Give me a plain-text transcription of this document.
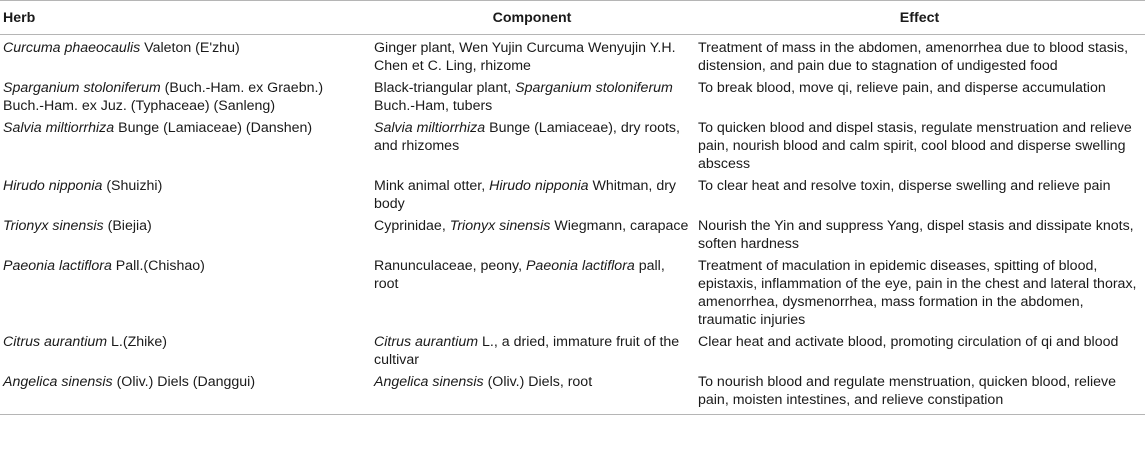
Herb	Component	Effect
Curcuma phaeocaulis Valeton (E'zhu)	Ginger plant, Wen Yujin Curcuma Wenyujin Y.H. Chen et C. Ling, rhizome	Treatment of mass in the abdomen, amenorrhea due to blood stasis, distension, and pain due to stagnation of undigested food
Sparganium stoloniferum (Buch.-Ham. ex Graebn.) Buch.-Ham. ex Juz. (Typhaceae) (Sanleng)	Black-triangular plant, Sparganium stoloniferum Buch.-Ham, tubers	To break blood, move qi, relieve pain, and disperse accumulation
Salvia miltiorrhiza Bunge (Lamiaceae) (Danshen)	Salvia miltiorrhiza Bunge (Lamiaceae), dry roots, and rhizomes	To quicken blood and dispel stasis, regulate menstruation and relieve pain, nourish blood and calm spirit, cool blood and disperse swelling abscess
Hirudo nipponia (Shuizhi)	Mink animal otter, Hirudo nipponia Whitman, dry body	To clear heat and resolve toxin, disperse swelling and relieve pain
Trionyx sinensis (Biejia)	Cyprinidae, Trionyx sinensis Wiegmann, carapace	Nourish the Yin and suppress Yang, dispel stasis and dissipate knots, soften hardness
Paeonia lactiflora Pall.(Chishao)	Ranunculaceae, peony, Paeonia lactiflora pall, root	Treatment of maculation in epidemic diseases, spitting of blood, epistaxis, inflammation of the eye, pain in the chest and lateral thorax, amenorrhea, dysmenorrhea, mass formation in the abdomen, traumatic injuries
Citrus aurantium L.(Zhike)	Citrus aurantium L., a dried, immature fruit of the cultivar	Clear heat and activate blood, promoting circulation of qi and blood
Angelica sinensis (Oliv.) Diels (Danggui)	Angelica sinensis (Oliv.) Diels, root	To nourish blood and regulate menstruation, quicken blood, relieve pain, moisten intestines, and relieve constipation
